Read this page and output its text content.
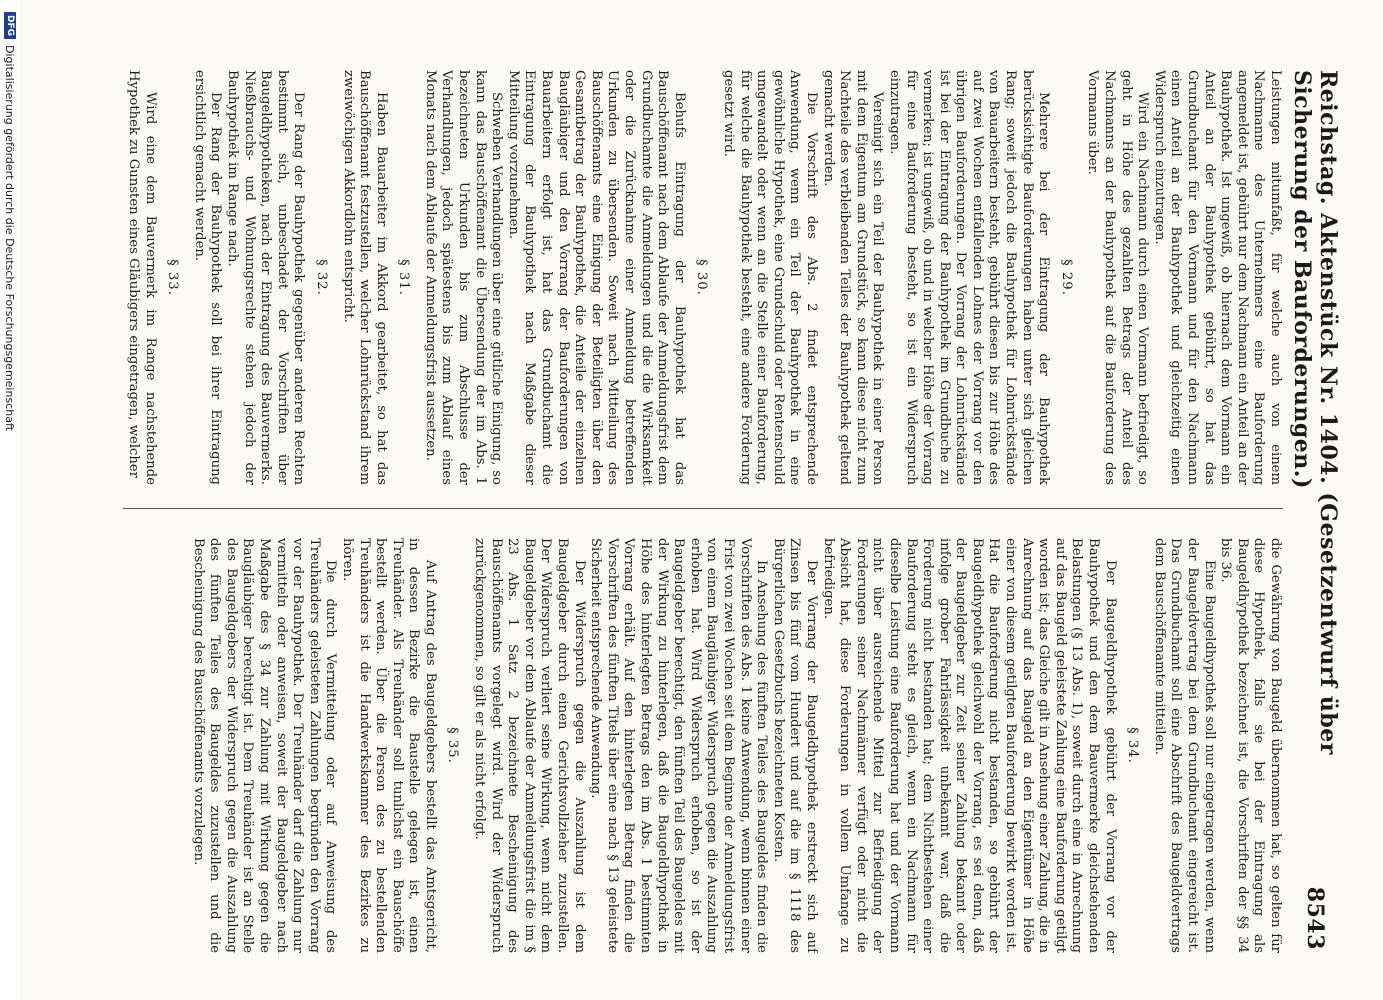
Reichstag. Aktenstück Nr. 1404. (Gesetzentwurf über Sicherung der Bauforderungen.)
8543

Leistungen mitumfaßt, für welche auch von einem Nachmanne des Unternehmers eine Bauforderung angemeldet ist, gebührt nur dem Nachmann ein Anteil an der Bauhypothek. Ist ungewiß, ob hiernach dem Vormann ein Anteil an der Bauhypothek gebührt, so hat das Grundbuchamt für den Vormann und für den Nachmann einen Anteil an der Bauhypothek und gleichzeitig einen Widerspruch einzutragen.

Wird ein Nachmann durch einen Vormann befriedigt, so geht in Höhe des gezahlten Betrags der Anteil des Nachmanns an der Bauhypothek auf die Bauforderung des Vormanns über.

§ 29.

Mehrere bei der Eintragung der Bauhypothek berücksichtigte Bauforderungen haben unter sich gleichen Rang; soweit jedoch die Bauhypothek für Lohnrückstände von Bauarbeitern besteht, gebührt diesen bis zur Höhe des auf zwei Wochen entfallenden Lohnes der Vorrang vor den übrigen Bauforderungen. Der Vorrang der Lohnrückstände ist bei der Eintragung der Bauhypothek im Grundbuche zu vermerken; ist ungewiß, ob und in welcher Höhe der Vorrang für eine Bauforderung besteht, so ist ein Widerspruch einzutragen.

Vereinigt sich ein Teil der Bauhypothek in einer Person mit dem Eigentum am Grundstück, so kann diese nicht zum Nachteile des verbleibenden Teiles der Bauhypothek geltend gemacht werden.

Die Vorschrift des Abs. 2 findet entsprechende Anwendung, wenn ein Teil der Bauhypothek in eine gewöhnliche Hypothek, eine Grundschuld oder Rentenschuld umgewandelt oder wenn an die Stelle einer Bauforderung, für welche die Bauhypothek besteht, eine andere Forderung gesetzt wird.

§ 30.

Behufs Eintragung der Bauhypothek hat das Bauschöffenamt nach dem Ablaufe der Anmeldungsfrist dem Grundbuchamte die Anmeldungen und die die Wirksamkeit oder die Zurücknahme einer Anmeldung betreffenden Urkunden zu übersenden. Soweit nach Mitteilung des Bauschöffenamts eine Einigung der Beteiligten über den Gesamtbetrag der Bauhypothek, die Anteile der einzelnen Baugläubiger und den Vorrang der Bauforderungen von Bauarbeitern erfolgt ist, hat das Grundbuchamt die Eintragung der Bauhypothek nach Maßgabe dieser Mitteilung vorzunehmen.

Schweben Verhandlungen über eine gütliche Einigung, so kann das Bauschöffenamt die Übersendung der im Abs. 1 bezeichneten Urkunden bis zum Abschlusse der Verhandlungen, jedoch spätestens bis zum Ablauf eines Monats nach dem Ablaufe der Anmeldungsfrist aussetzen.

§ 31.

Haben Bauarbeiter im Akkord gearbeitet, so hat das Bauschöffenamt festzustellen, welcher Lohnrückstand ihrem zweiwöchigen Akkordlohn entspricht.

§ 32.

Der Rang der Bauhypothek gegenüber anderen Rechten bestimmt sich, unbeschadet der Vorschriften über Baugeldhypotheken, nach der Eintragung des Bauvermerks. Nießbrauchs- und Wohnungsrechte stehen jedoch der Bauhypothek im Range nach.

Der Rang der Bauhypothek soll bei ihrer Eintragung ersichtlich gemacht werden.

§ 33.

Wird eine dem Bauvermerk im Range nachstehende Hypothek zu Gunsten eines Gläubigers eingetragen, welcher

die Gewährung von Baugeld übernommen hat, so gelten für diese Hypothek, falls sie bei der Eintragung als Baugeldhypothek bezeichnet ist, die Vorschriften der §§ 34 bis 36.

Eine Baugeldhypothek soll nur eingetragen werden, wenn der Baugeldvertrag bei dem Grundbuchamt eingereicht ist. Das Grundbuchamt soll eine Abschrift des Baugeldvertrags dem Bauschöffenamte mitteilen.

§ 34.

Der Baugeldhypothek gebührt der Vorrang vor der Bauhypothek und den dem Bauvermerke gleichstehenden Belastungen (§ 13 Abs. 1), soweit durch eine in Anrechnung auf das Baugeld geleistete Zahlung eine Bauforderung getilgt worden ist; das Gleiche gilt in Ansehung einer Zahlung, die in Anrechnung auf das Baugeld an den Eigentümer in Höhe einer von diesem getilgten Bauforderung bewirkt worden ist. Hat die Bauforderung nicht bestanden, so gebührt der Baugeldhypothek gleichwohl der Vorrang, es sei denn, daß der Baugeldgeber zur Zeit seiner Zahlung bekannt oder infolge grober Fahrlässigkeit unbekannt war, daß die Forderung nicht bestanden hat; dem Nichtbestehen einer Bauforderung steht es gleich, wenn ein Nachmann für dieselbe Leistung eine Bauforderung hat und der Vormann nicht über ausreichende Mittel zur Befriedigung der Forderungen seiner Nachmänner verfügt oder nicht die Absicht hat, diese Forderungen in vollem Umfange zu befriedigen.

Der Vorrang der Baugeldhypothek erstreckt sich auf Zinsen bis fünf vom Hundert und auf die im § 1118 des Bürgerlichen Gesetzbuchs bezeichneten Kosten.

In Ansehung des fünften Teiles des Baugeldes finden die Vorschriften des Abs. 1 keine Anwendung, wenn binnen einer Frist von zwei Wochen seit dem Beginne der Anmeldungsfrist von einem Baugläubiger Widerspruch gegen die Auszahlung erhoben hat. Wird Widerspruch erhoben, so ist der Baugeldgeber berechtigt, den fünften Teil des Baugeldes mit der Wirkung zu hinterlegen, daß die Baugeldhypothek in Höhe des hinterlegten Betrags den im Abs. 1 bestimmten Vorrang erhält. Auf den hinterlegten Betrag finden die Vorschriften des fünften Titels über eine nach § 13 geleistete Sicherheit entsprechende Anwendung.

Der Widerspruch gegen die Auszahlung ist dem Baugeldgeber durch einen Gerichtsvollzieher zuzustellen. Der Widerspruch verliert seine Wirkung, wenn nicht dem Baugeldgeber vor dem Ablaufe der Anmeldungsfrist die im § 23 Abs. 1 Satz 2 bezeichnete Bescheinigung des Bauschöffenamts vorgelegt wird. Wird der Widerspruch zurückgenommen, so gilt er als nicht erfolgt.

§ 35.

Auf Antrag des Baugeldgebers bestellt das Amtsgericht, in dessen Bezirke die Baustelle gelegen ist, einen Treuhänder. Als Treuhänder soll tunlichst ein Bauschöffe bestellt werden. Über die Person des zu bestellenden Treuhänders ist die Handwerkskammer des Bezirkes zu hören.

Die durch Vermittelung oder auf Anweisung des Treuhänders geleisteten Zahlungen begründen den Vorrang vor der Bauhypothek. Der Treuhänder darf die Zahlung nur vermitteln oder anweisen, soweit der Baugeldgeber nach Maßgabe des § 34 zur Zahlung mit Wirkung gegen die Baugläubiger berechtigt ist. Dem Treuhänder ist an Stelle des Baugeldgebers der Widerspruch gegen die Auszahlung des fünften Teiles des Baugeldes zuzustellen und die Bescheinigung des Bauschöffenamts vorzulegen.

DFG
Digitalisierung gefördert durch die Deutsche Forschungsgemeinschaft
